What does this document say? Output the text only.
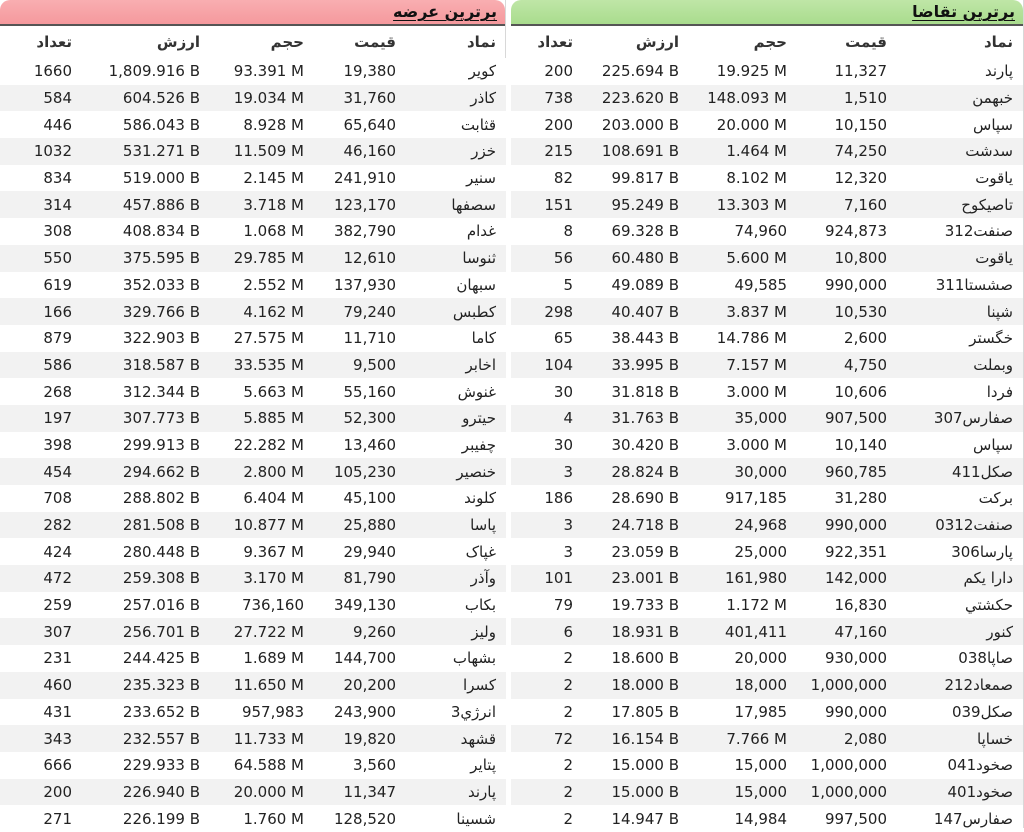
برترین عرضه
تعداد	ارزش	حجم	قیمت	نماد
1660	1,809.916 B	93.391 M	19,380	کویر
584	604.526 B	19.034 M	31,760	کاذر
446	586.043 B	8.928 M	65,640	قثابت
1032	531.271 B	11.509 M	46,160	خزر
834	519.000 B	2.145 M	241,910	سنیر
314	457.886 B	3.718 M	123,170	سصفها
308	408.834 B	1.068 M	382,790	غدام
550	375.595 B	29.785 M	12,610	ثنوسا
619	352.033 B	2.552 M	137,930	سبهان
166	329.766 B	4.162 M	79,240	کطبس
879	322.903 B	27.575 M	11,710	کاما
586	318.587 B	33.535 M	9,500	اخابر
268	312.344 B	5.663 M	55,160	غنوش
197	307.773 B	5.885 M	52,300	حیترو
398	299.913 B	22.282 M	13,460	چفیبر
454	294.662 B	2.800 M	105,230	خنصیر
708	288.802 B	6.404 M	45,100	کلوند
282	281.508 B	10.877 M	25,880	پاسا
424	280.448 B	9.367 M	29,940	غپاک
472	259.308 B	3.170 M	81,790	وآذر
259	257.016 B	736,160	349,130	بکاب
307	256.701 B	27.722 M	9,260	ولیز
231	244.425 B	1.689 M	144,700	بشهاب
460	235.323 B	11.650 M	20,200	کسرا
431	233.652 B	957,983	243,900	انرژي3
343	232.557 B	11.733 M	19,820	قشهد
666	229.933 B	64.588 M	3,560	پتایر
200	226.940 B	20.000 M	11,347	پارند
271	226.199 B	1.760 M	128,520	شسینا
برترین تقاضا
تعداد	ارزش	حجم	قیمت	نماد
200	225.694 B	19.925 M	11,327	پارند
738	223.620 B	148.093 M	1,510	خبهمن
200	203.000 B	20.000 M	10,150	سپاس
215	108.691 B	1.464 M	74,250	سدشت
82	99.817 B	8.102 M	12,320	یاقوت
151	95.249 B	13.303 M	7,160	تاصیکوح
8	69.328 B	74,960	924,873	صنفت312
56	60.480 B	5.600 M	10,800	یاقوت
5	49.089 B	49,585	990,000	صشستا311
298	40.407 B	3.837 M	10,530	شپنا
65	38.443 B	14.786 M	2,600	خگستر
104	33.995 B	7.157 M	4,750	وبملت
30	31.818 B	3.000 M	10,606	فردا
4	31.763 B	35,000	907,500	صفارس307
30	30.420 B	3.000 M	10,140	سپاس
3	28.824 B	30,000	960,785	صکل411
186	28.690 B	917,185	31,280	برکت
3	24.718 B	24,968	990,000	صنفت0312
3	23.059 B	25,000	922,351	پارسا306
101	23.001 B	161,980	142,000	دارا یکم
79	19.733 B	1.172 M	16,830	حکشتي
6	18.931 B	401,411	47,160	کنور
2	18.600 B	20,000	930,000	صاپا038
2	18.000 B	18,000	1,000,000	صمعاد212
2	17.805 B	17,985	990,000	صکل039
72	16.154 B	7.766 M	2,080	خساپا
2	15.000 B	15,000	1,000,000	صخود041
2	15.000 B	15,000	1,000,000	صخود401
2	14.947 B	14,984	997,500	صفارس147
